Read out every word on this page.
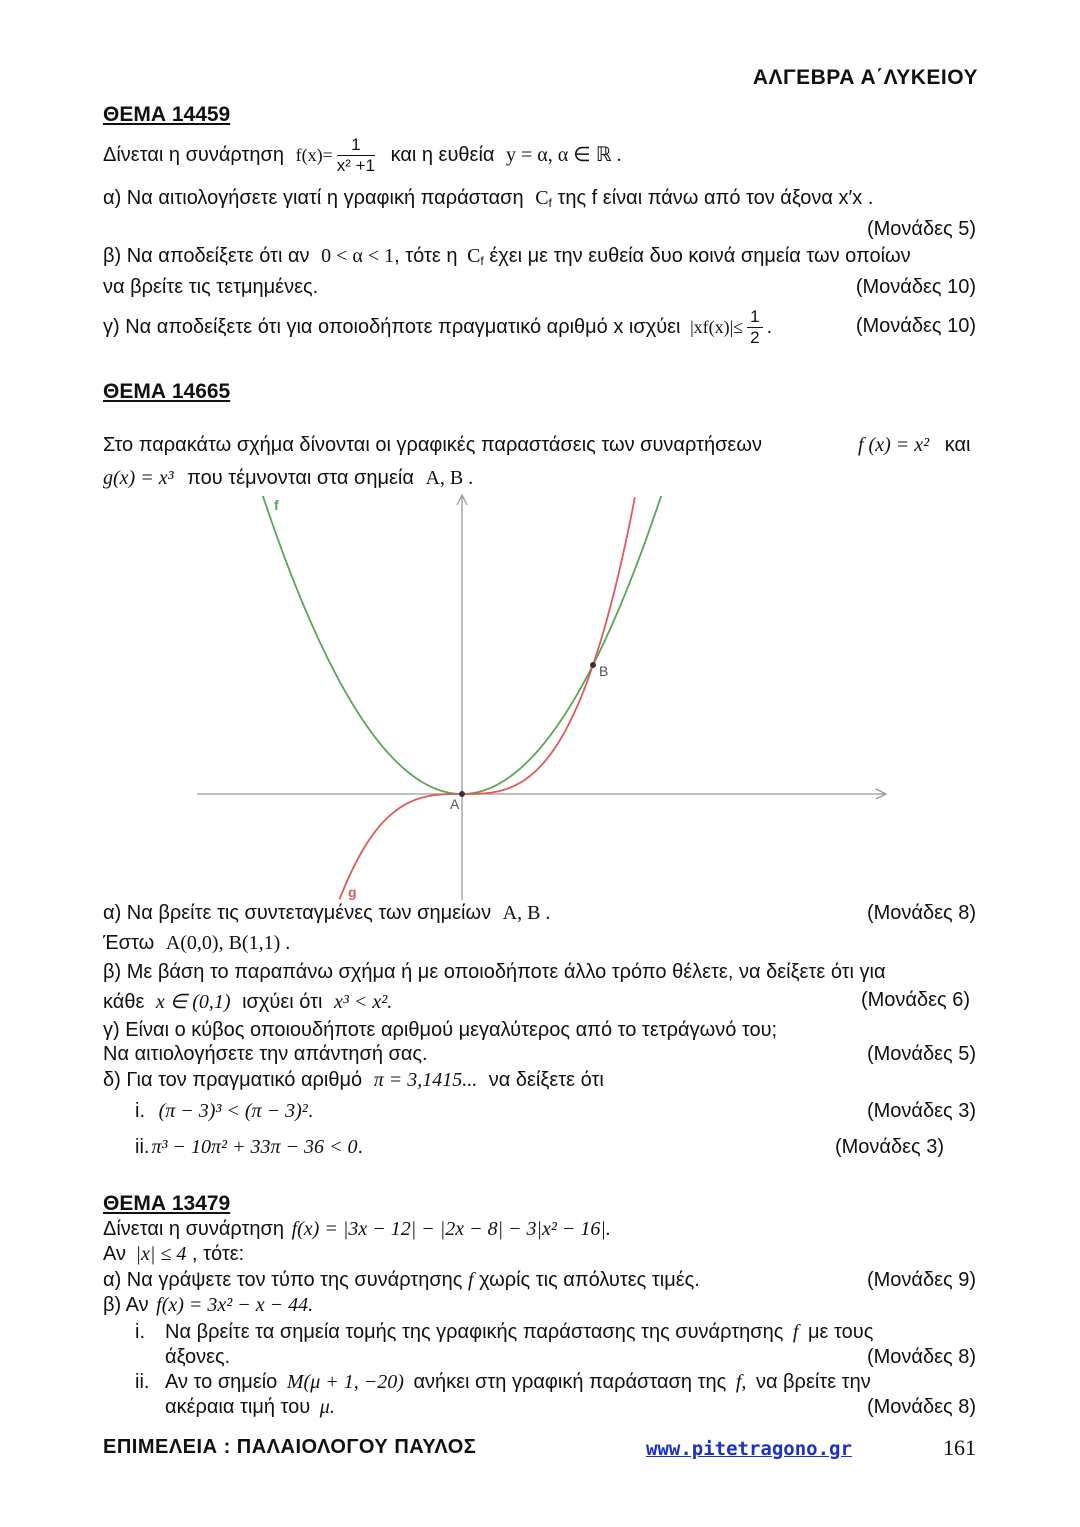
ΑΛΓΕΒΡΑ Α΄ΛΥΚΕΙΟΥ
ΘΕΜΑ 14459
Δίνεται η συνάρτηση $f(x)= \frac{1}{\text{x² +1}}$ και η ευθεία y = α, α ∈ ℝ .
α) Να αιτιολογήσετε γιατί η γραφική παράσταση $C_f$ της f είναι πάνω από τον άξονα x′x .
(Μονάδες 5)
β) Να αποδείξετε ότι αν 0 < α < 1, τότε η $C_f$ έχει με την ευθεία δυο κοινά σημεία των οποίων
να βρείτε τις τετμημένες.	(Μονάδες 10)
γ) Να αποδείξετε ότι για οποιοδήποτε πραγματικό αριθμό x ισχύει $|xf(x)|\le \frac{1}{2}$ .	(Μονάδες 10)
ΘΕΜΑ 14665
Στο παρακάτω σχήμα δίνονται οι γραφικές παραστάσεις των συναρτήσεων	f (x) = x² και
g(x) = x³ που τέμνονται στα σημεία A, B .
f
g
A
B
α) Να βρείτε τις συντεταγμένες των σημείων A, B .	(Μονάδες 8)
Έστω A(0,0), B(1,1) .
β) Με βάση το παραπάνω σχήμα ή με οποιοδήποτε άλλο τρόπο θέλετε, να δείξετε ότι για
κάθε x ∈ (0,1) ισχύει ότι x³ < x².	(Μονάδες 6)
γ) Είναι ο κύβος οποιουδήποτε αριθμού μεγαλύτερος από το τετράγωνό του;
Να αιτιολογήσετε την απάντησή σας.	(Μονάδες 5)
δ) Για τον πραγματικό αριθμό π = 3,1415... να δείξετε ότι
i. (π − 3)³ < (π − 3)².	(Μονάδες 3)
ii. π³ − 10π² + 33π − 36 < 0.	(Μονάδες 3)
ΘΕΜΑ 13479
Δίνεται η συνάρτηση f(x) = |3x − 12| − |2x − 8| − 3|x² − 16|.
Αν |x| ≤ 4 , τότε:
α) Να γράψετε τον τύπο της συνάρτησης f χωρίς τις απόλυτες τιμές.	(Μονάδες 9)
β) Αν f(x) = 3x² − x − 44.
i. Να βρείτε τα σημεία τομής της γραφικής παράστασης της συνάρτησης f με τους
άξονες.	(Μονάδες 8)
ii. Αν το σημείο M(μ + 1, −20) ανήκει στη γραφική παράσταση της f, να βρείτε την
ακέραια τιμή του μ.	(Μονάδες 8)
ΕΠΙΜΕΛΕΙΑ : ΠΑΛΑΙΟΛΟΓΟΥ ΠΑΥΛΟΣ	www.pitetragono.gr	161
